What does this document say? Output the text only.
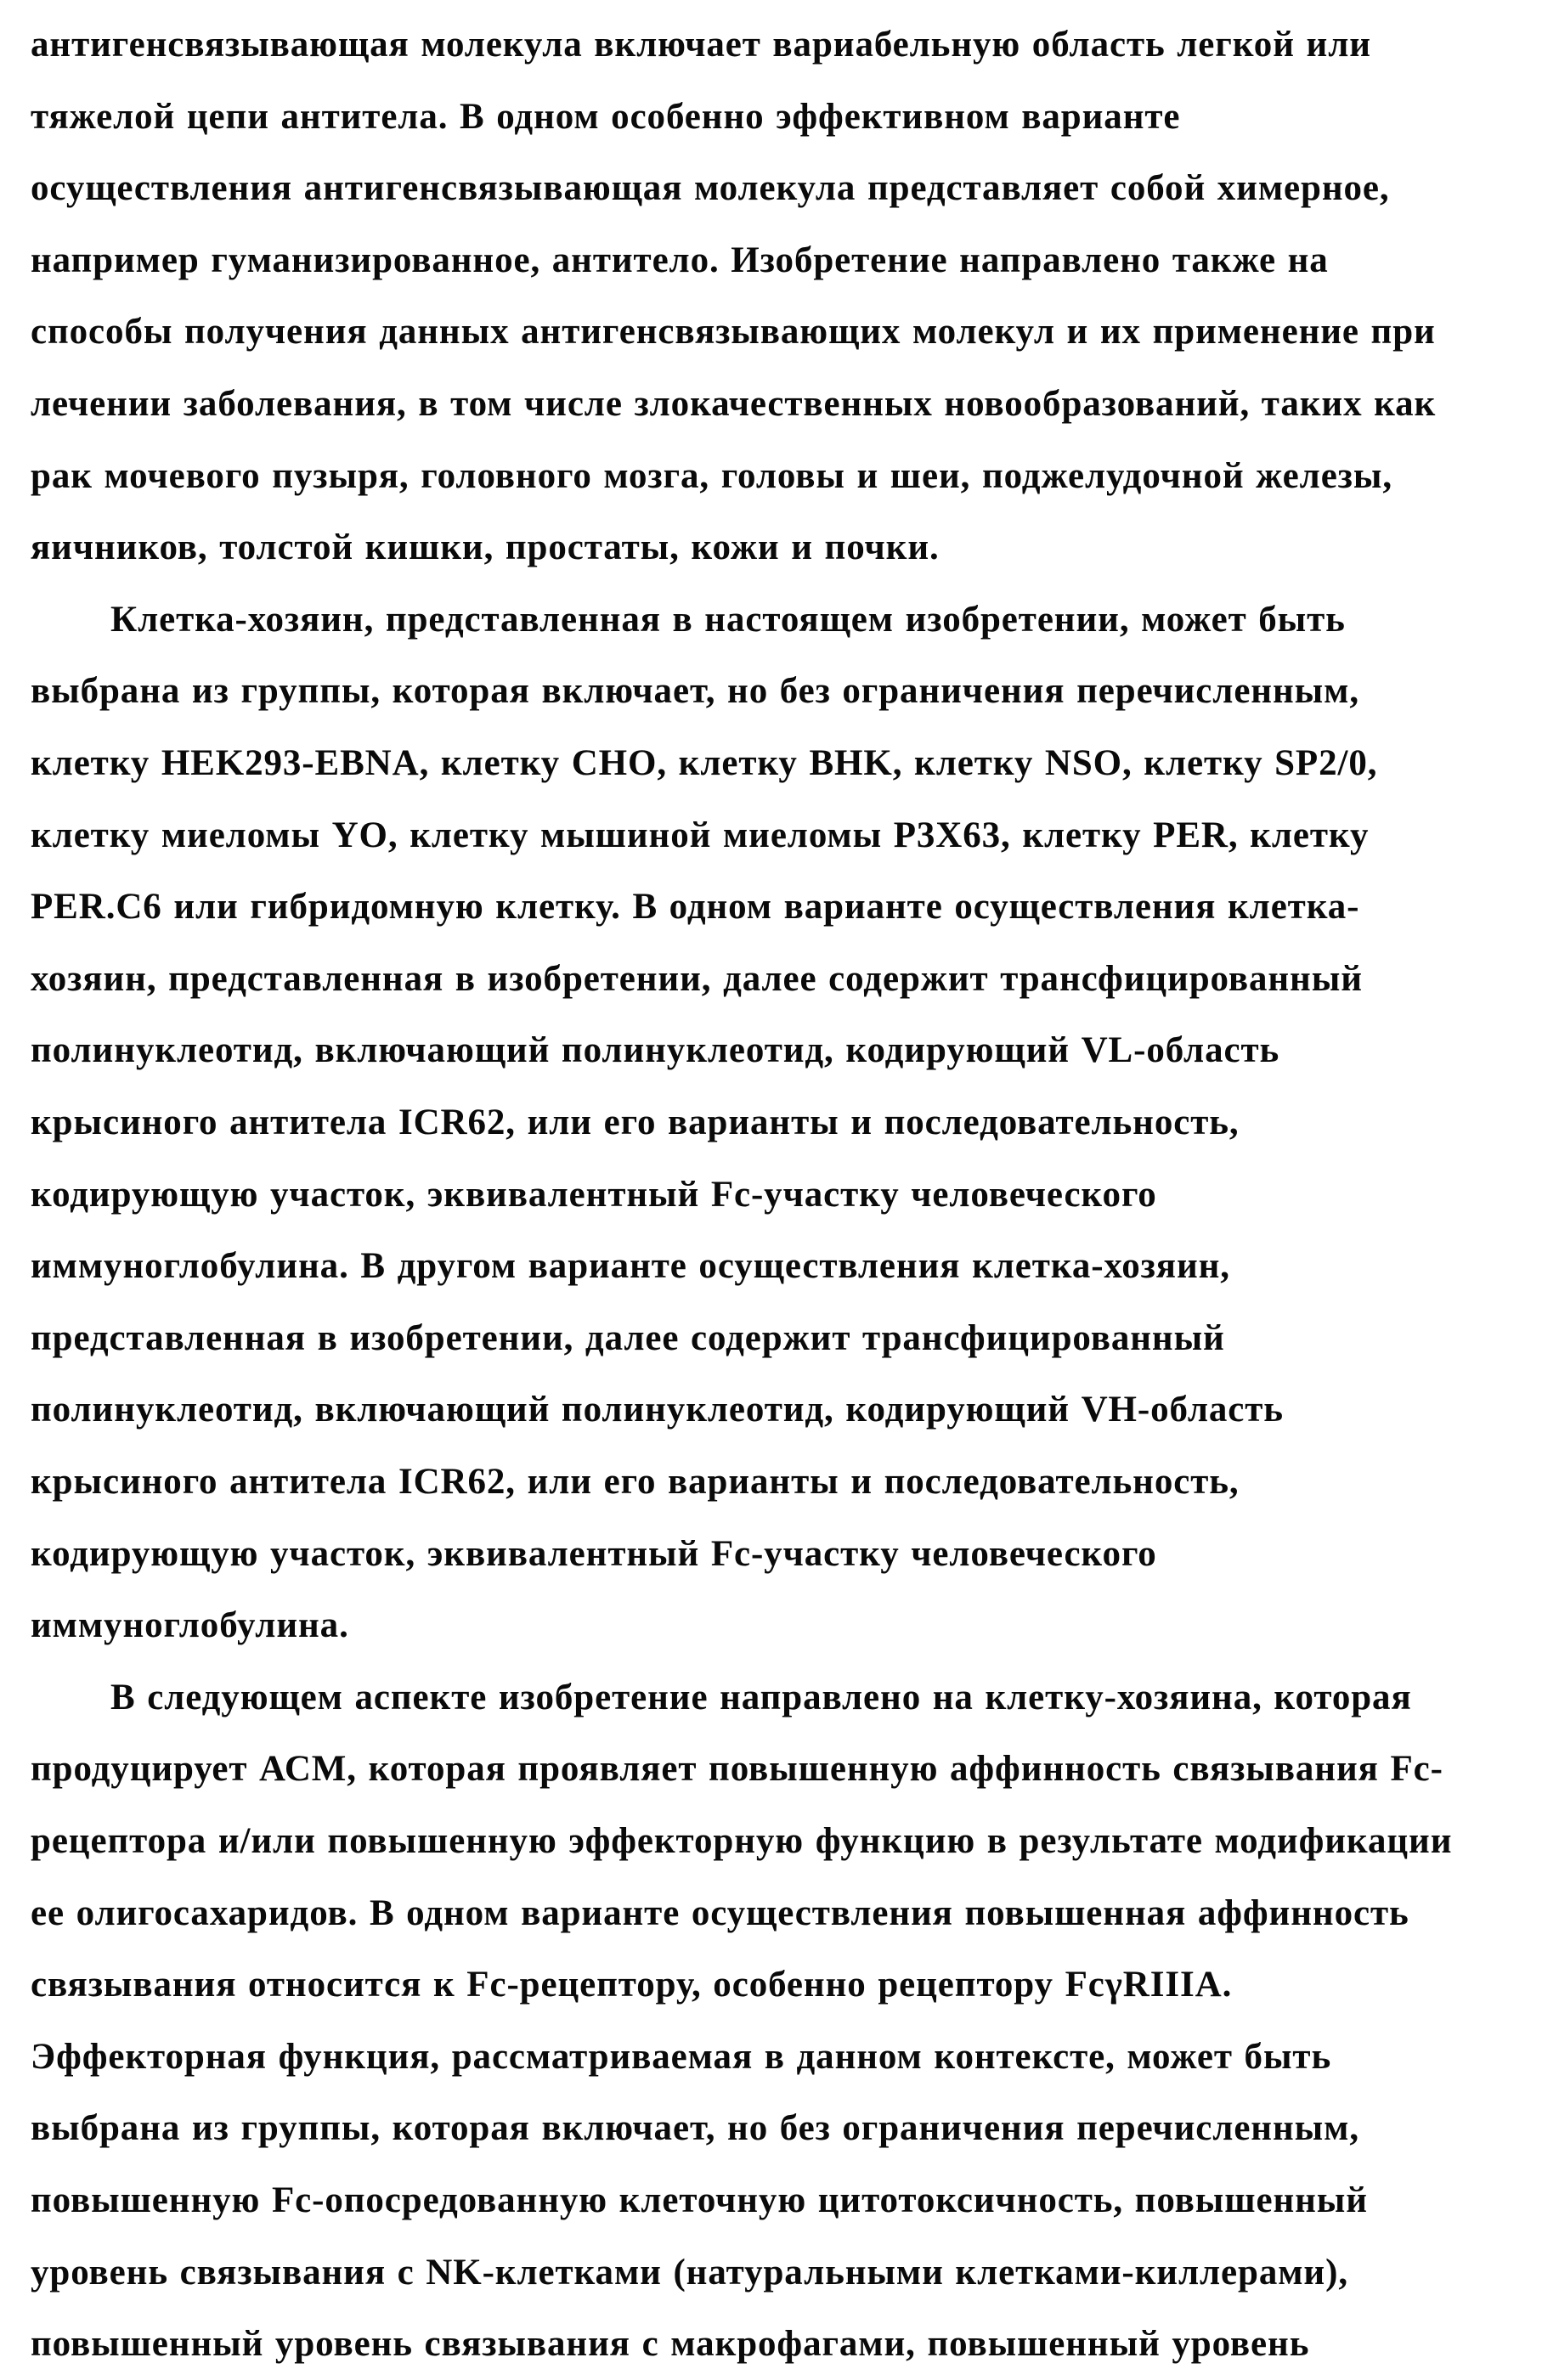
антигенсвязывающая молекула включает вариабельную область легкой или
тяжелой цепи антитела. В одном особенно эффективном варианте
осуществления антигенсвязывающая молекула представляет собой химерное,
например гуманизированное, антитело. Изобретение направлено также на
способы получения данных антигенсвязывающих молекул и их применение при
лечении заболевания, в том числе злокачественных новообразований, таких как
рак мочевого пузыря, головного мозга, головы и шеи, поджелудочной железы,
яичников, толстой кишки, простаты, кожи и почки.
Клетка-хозяин, представленная в настоящем изобретении, может быть
выбрана из группы, которая включает, но без ограничения перечисленным,
клетку HEK293-EBNA, клетку CHO, клетку BHK, клетку NSO, клетку SP2/0,
клетку миеломы YO, клетку мышиной миеломы P3X63, клетку PER, клетку
PER.C6 или гибридомную клетку. В одном варианте осуществления клетка-
хозяин, представленная в изобретении, далее содержит трансфицированный
полинуклеотид, включающий полинуклеотид, кодирующий VL-область
крысиного антитела ICR62, или его варианты и последовательность,
кодирующую участок, эквивалентный Fc-участку человеческого
иммуноглобулина. В другом варианте осуществления клетка-хозяин,
представленная в изобретении, далее содержит трансфицированный
полинуклеотид, включающий полинуклеотид, кодирующий VH-область
крысиного антитела ICR62, или его варианты и последовательность,
кодирующую участок, эквивалентный Fc-участку человеческого
иммуноглобулина.
В следующем аспекте изобретение направлено на клетку-хозяина, которая
продуцирует АСМ, которая проявляет повышенную аффинность связывания Fc-
рецептора и/или повышенную эффекторную функцию в результате модификации
ее олигосахаридов. В одном варианте осуществления повышенная аффинность
связывания относится к Fc-рецептору, особенно рецептору FcγRIIIA.
Эффекторная функция, рассматриваемая в данном контексте, может быть
выбрана из группы, которая включает, но без ограничения перечисленным,
повышенную Fc-опосредованную клеточную цитотоксичность, повышенный
уровень связывания с NK-клетками (натуральными клетками-киллерами),
повышенный уровень связывания с макрофагами, повышенный уровень
